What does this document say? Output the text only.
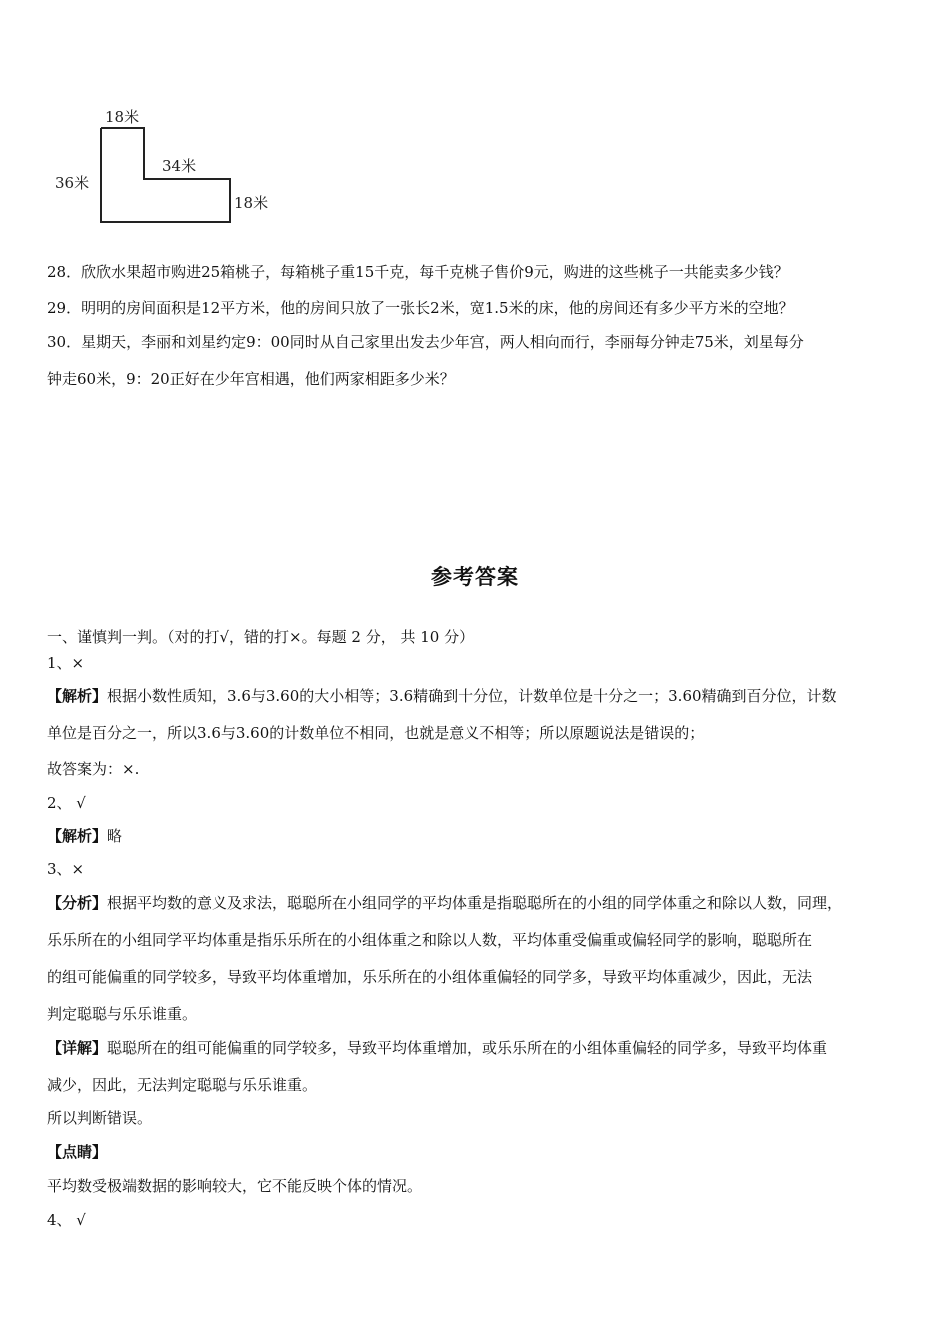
18米
36米
34米
18米
28．欣欣水果超市购进25箱桃子，每箱桃子重15千克，每千克桃子售价9元，购进的这些桃子一共能卖多少钱？
29．明明的房间面积是12平方米，他的房间只放了一张长2米，宽1.5米的床，他的房间还有多少平方米的空地？
30．星期天，李丽和刘星约定9：00同时从自己家里出发去少年宫，两人相向而行，李丽每分钟走75米，刘星每分
钟走60米，9：20正好在少年宫相遇，他们两家相距多少米？
参考答案
一、谨慎判一判。（对的打√，错的打×。每题 2 分， 共 10 分）
1、×
【解析】根据小数性质知，3.6与3.60的大小相等；3.6精确到十分位，计数单位是十分之一；3.60精确到百分位，计数
单位是百分之一，所以3.6与3.60的计数单位不相同，也就是意义不相等；所以原题说法是错误的；
故答案为：×.
2、 √
【解析】略
3、×
【分析】根据平均数的意义及求法，聪聪所在小组同学的平均体重是指聪聪所在的小组的同学体重之和除以人数，同理，
乐乐所在的小组同学平均体重是指乐乐所在的小组体重之和除以人数，平均体重受偏重或偏轻同学的影响，聪聪所在
的组可能偏重的同学较多，导致平均体重增加，乐乐所在的小组体重偏轻的同学多，导致平均体重减少，因此，无法
判定聪聪与乐乐谁重。
【详解】聪聪所在的组可能偏重的同学较多，导致平均体重增加，或乐乐所在的小组体重偏轻的同学多，导致平均体重
减少，因此，无法判定聪聪与乐乐谁重。
所以判断错误。
【点睛】
平均数受极端数据的影响较大，它不能反映个体的情况。
4、 √
